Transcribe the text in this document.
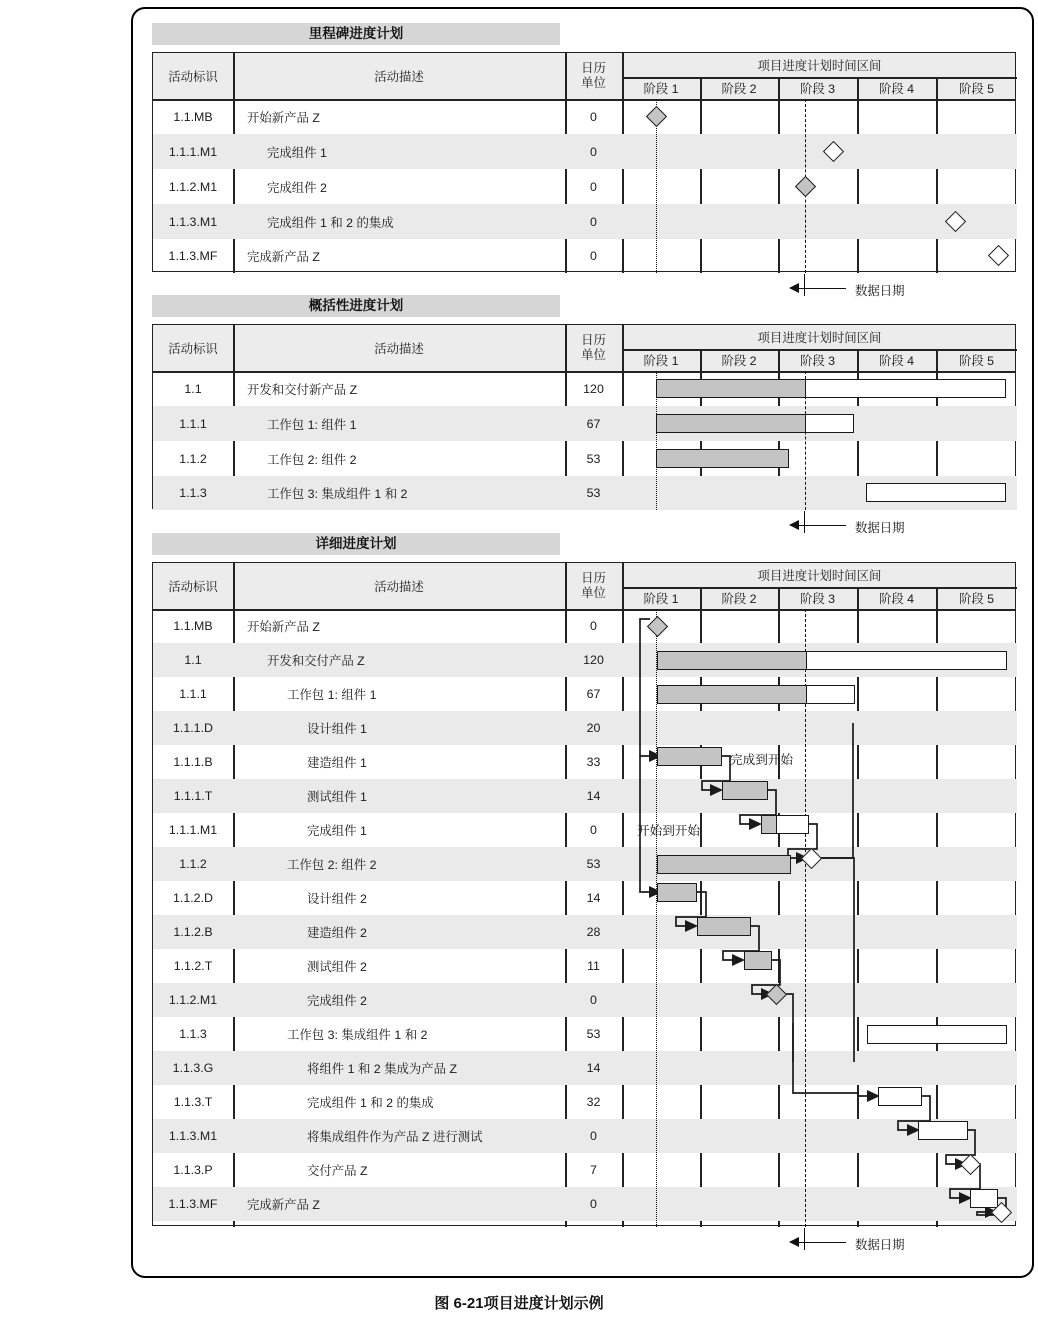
里程碑进度计划
活动标识	活动描述
日历
单位
项目进度计划时间区间
阶段 1	阶段 2	阶段 3	阶段 4	阶段 5
1.1.MB	开始新产品 Z	0
1.1.1.M1	完成组件 1	0
1.1.2.M1	完成组件 2	0
1.1.3.M1	完成组件 1 和 2 的集成	0
1.1.3.MF	完成新产品 Z	0
数据日期
概括性进度计划
活动标识	活动描述
日历
单位
项目进度计划时间区间
阶段 1	阶段 2	阶段 3	阶段 4	阶段 5
1.1	开发和交付新产品 Z	120
1.1.1	工作包 1: 组件 1	67
1.1.2	工作包 2: 组件 2	53
1.1.3	工作包 3: 集成组件 1 和 2	53
数据日期
详细进度计划
活动标识	活动描述
日历
单位
项目进度计划时间区间
阶段 1	阶段 2	阶段 3	阶段 4	阶段 5
1.1.MB	开始新产品 Z	0
1.1	开发和交付产品 Z	120
1.1.1	工作包 1: 组件 1	67
1.1.1.D	设计组件 1	20
1.1.1.B	建造组件 1	33
1.1.1.T	测试组件 1	14
1.1.1.M1	完成组件 1	0
1.1.2	工作包 2: 组件 2	53
1.1.2.D	设计组件 2	14
1.1.2.B	建造组件 2	28
1.1.2.T	测试组件 2	11
1.1.2.M1	完成组件 2	0
1.1.3	工作包 3: 集成组件 1 和 2	53
1.1.3.G	将组件 1 和 2 集成为产品 Z	14
1.1.3.T	完成组件 1 和 2 的集成	32
1.1.3.M1	将集成组件作为产品 Z 进行测试	0
1.1.3.P	交付产品 Z	7
1.1.3.MF	完成新产品 Z	0
完成到开始
开始到开始
数据日期
图 6-21项目进度计划示例
